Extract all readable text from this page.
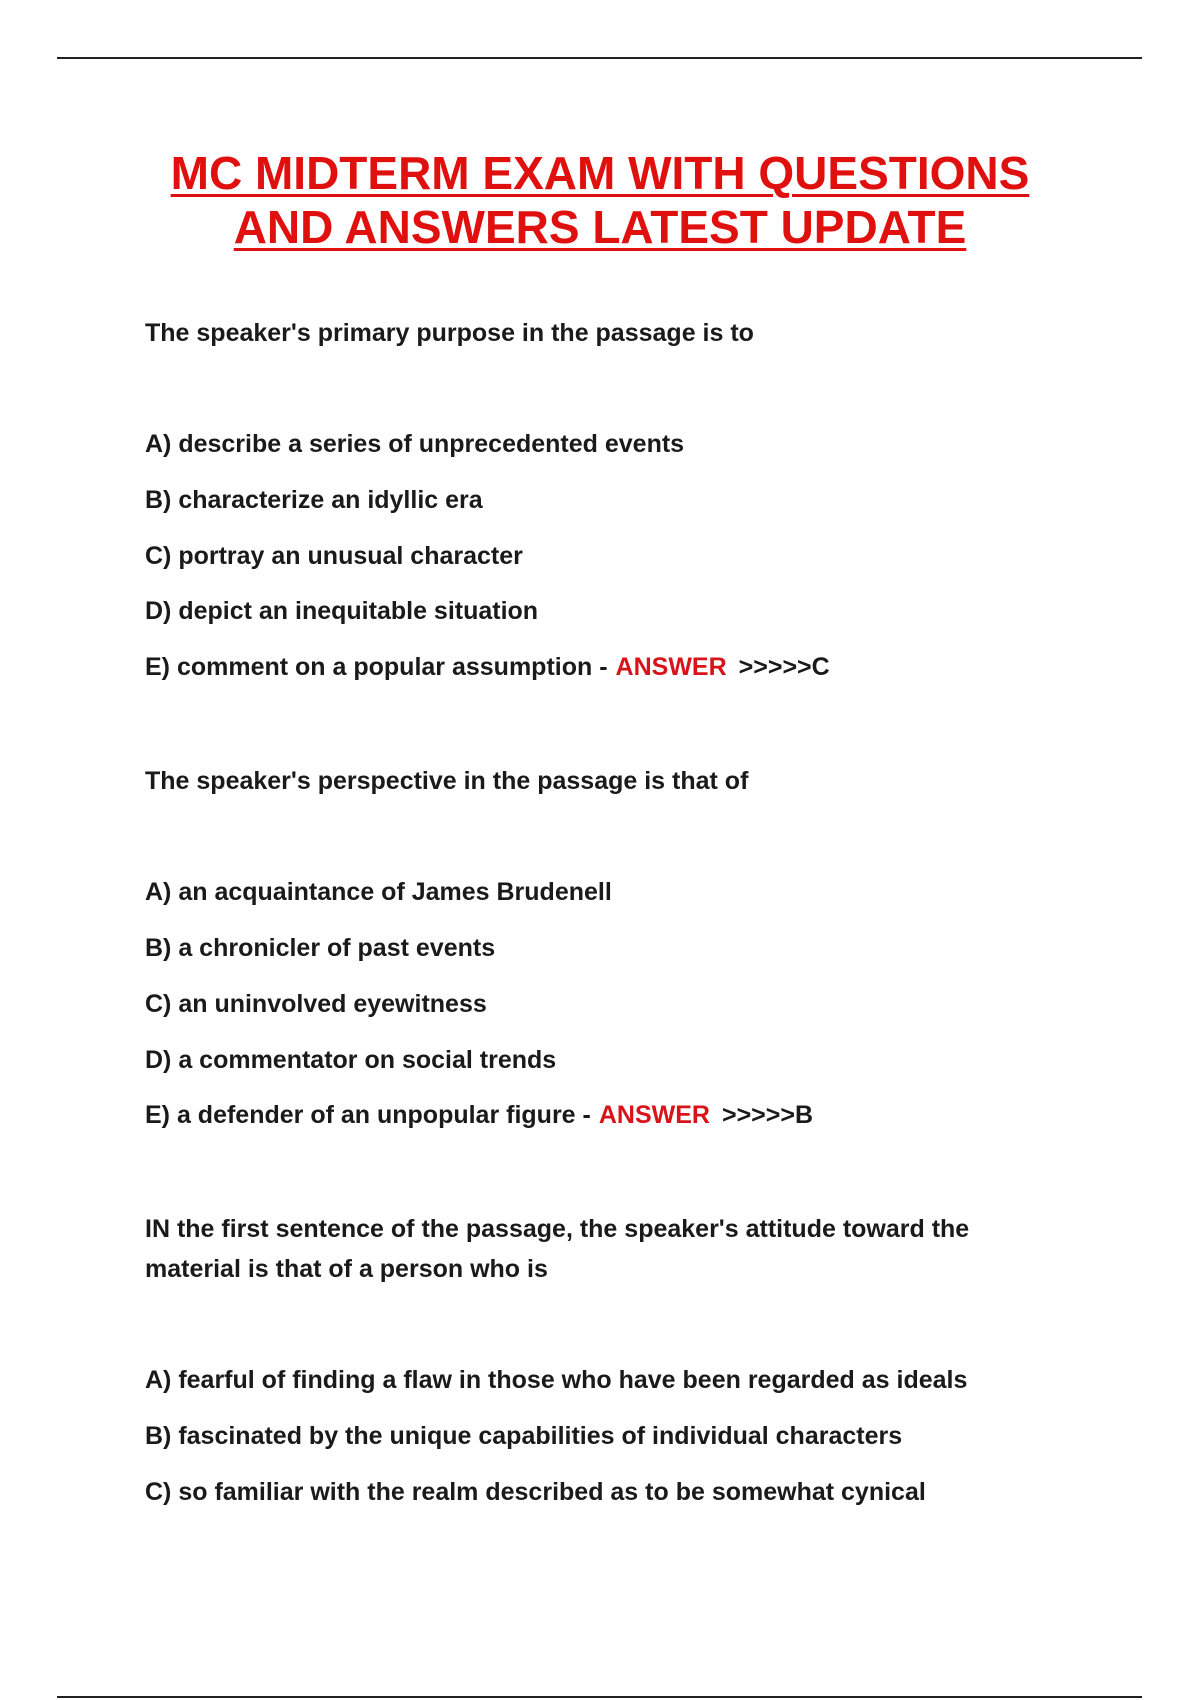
MC MIDTERM EXAM WITH QUESTIONS
AND ANSWERS LATEST UPDATE

The speaker's primary purpose in the passage is to

A) describe a series of unprecedented events

B) characterize an idyllic era

C) portray an unusual character

D) depict an inequitable situation

E) comment on a popular assumption - ANSWER >>>>>C

The speaker's perspective in the passage is that of

A) an acquaintance of James Brudenell

B) a chronicler of past events

C) an uninvolved eyewitness

D) a commentator on social trends

E) a defender of an unpopular figure - ANSWER >>>>>B

IN the first sentence of the passage, the speaker's attitude toward the material is that of a person who is

A) fearful of finding a flaw in those who have been regarded as ideals

B) fascinated by the unique capabilities of individual characters

C) so familiar with the realm described as to be somewhat cynical
